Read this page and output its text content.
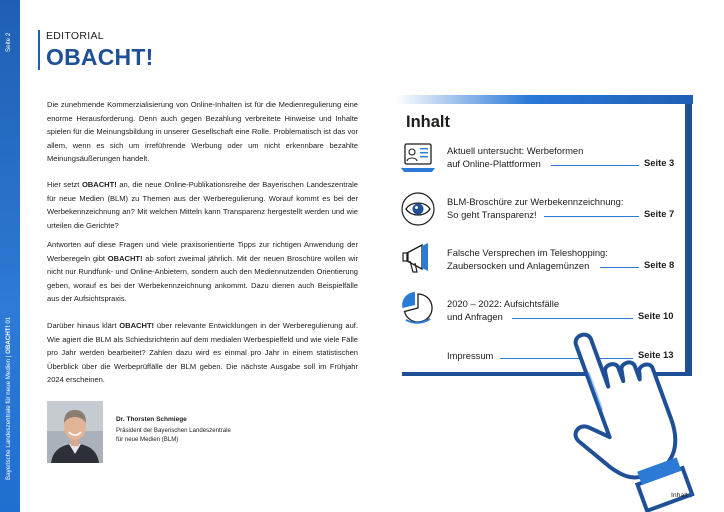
Seite 2
Bayerische Landeszentrale für neue Medien | OBACHT! 01
EDITORIAL
OBACHT!

Die zunehmende Kommerzialisierung von Online-Inhalten ist für die Medienregulierung eine enorme Herausforderung. Denn auch gegen Bezahlung verbreitete Hinweise und Inhalte spielen für die Meinungsbildung in unserer Gesellschaft eine Rolle. Problematisch ist das vor allem, wenn es sich um irreführende Werbung oder um nicht erkennbare bezahlte Meinungsäußerungen handelt.

Hier setzt OBACHT! an, die neue Online-Publikationsreihe der Bayerischen Landeszentrale für neue Medien (BLM) zu Themen aus der Werberegulierung. Worauf kommt es bei der Werbekennzeichnung an? Mit welchen Mitteln kann Transparenz hergestellt werden und wie urteilen die Gerichte?

Antworten auf diese Fragen und viele praxisorientierte Tipps zur richtigen Anwendung der Werberegeln gibt OBACHT! ab sofort zweimal jährlich. Mit der neuen Broschüre wollen wir nicht nur Rundfunk- und Online-Anbietern, sondern auch den Mediennutzenden Orientierung geben, worauf es bei der Werbekennzeichnung ankommt. Dazu dienen auch Beispielfälle aus der Aufsichtspraxis.

Darüber hinaus klärt OBACHT! über relevante Entwicklungen in der Werberegulierung auf. Wie agiert die BLM als Schiedsrichterin auf dem medialen Werbespielfeld und wie viele Fälle pro Jahr werden bearbeitet? Zahlen dazu wird es einmal pro Jahr in einem statistischen Überblick über die Werbeprüffälle der BLM geben. Die nächste Ausgabe soll im Frühjahr 2024 erscheinen.

Dr. Thorsten Schmiege
Präsident der Bayerischen Landeszentrale
für neue Medien (BLM)
Inhalt
Aktuell untersucht: Werbeformen
auf Online-Plattformen	Seite 3
BLM-Broschüre zur Werbekennzeichnung:
So geht Transparenz!	Seite 7
Falsche Versprechen im Teleshopping:
Zaubersocken und Anlagemünzen	Seite 8
2020 – 2022: Aufsichtsfälle
und Anfragen	Seite 10
Impressum	Seite 13
Inhalt 🡑
